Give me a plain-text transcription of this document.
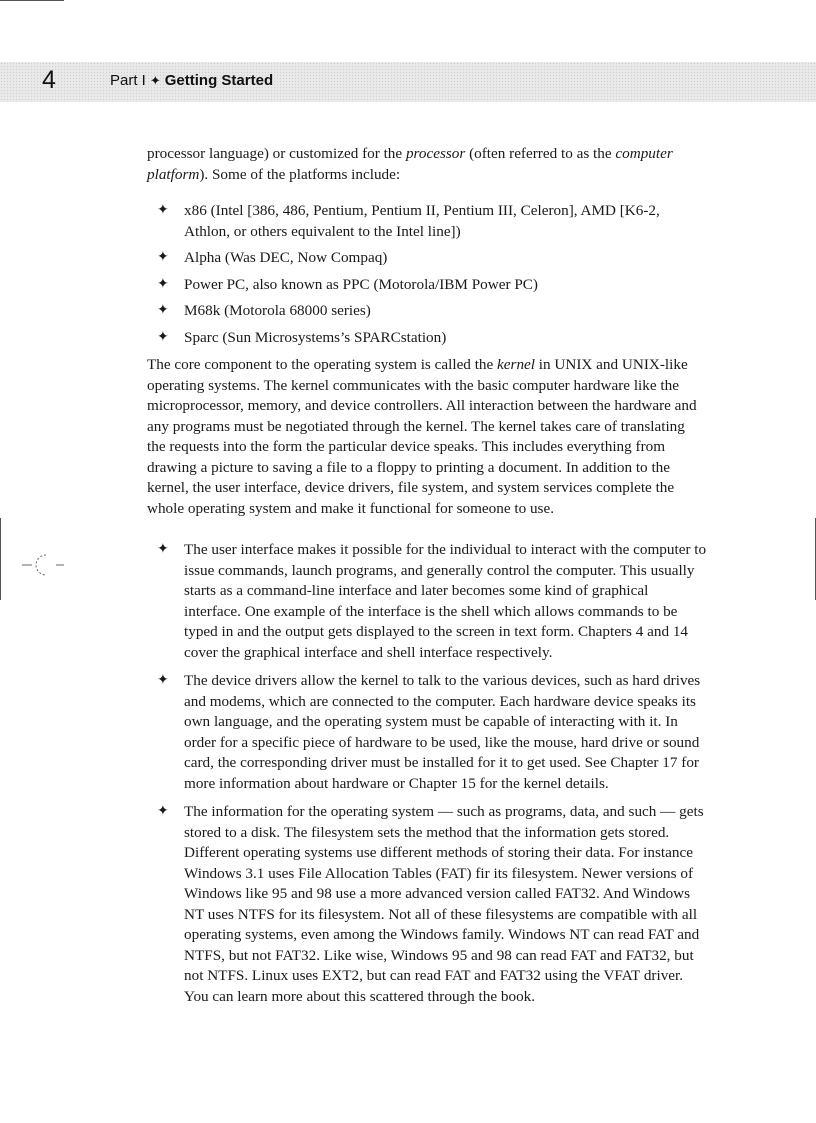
4	Part I ✦ Getting Started

processor language) or customized for the processor (often referred to as the computer platform). Some of the platforms include:

✦ x86 (Intel [386, 486, Pentium, Pentium II, Pentium III, Celeron], AMD [K6-2, Athlon, or others equivalent to the Intel line])
✦ Alpha (Was DEC, Now Compaq)
✦ Power PC, also known as PPC (Motorola/IBM Power PC)
✦ M68k (Motorola 68000 series)
✦ Sparc (Sun Microsystems’s SPARCstation)

The core component to the operating system is called the kernel in UNIX and UNIX-like operating systems. The kernel communicates with the basic computer hardware like the microprocessor, memory, and device controllers. All interaction between the hardware and any programs must be negotiated through the kernel. The kernel takes care of translating the requests into the form the particular device speaks. This includes everything from drawing a picture to saving a file to a floppy to printing a document. In addition to the kernel, the user interface, device drivers, file system, and system services complete the whole operating system and make it functional for someone to use.

✦ The user interface makes it possible for the individual to interact with the computer to issue commands, launch programs, and generally control the computer. This usually starts as a command-line interface and later becomes some kind of graphical interface. One example of the interface is the shell which allows commands to be typed in and the output gets displayed to the screen in text form. Chapters 4 and 14 cover the graphical interface and shell interface respectively.
✦ The device drivers allow the kernel to talk to the various devices, such as hard drives and modems, which are connected to the computer. Each hardware device speaks its own language, and the operating system must be capable of interacting with it. In order for a specific piece of hardware to be used, like the mouse, hard drive or sound card, the corresponding driver must be installed for it to get used. See Chapter 17 for more information about hardware or Chapter 15 for the kernel details.
✦ The information for the operating system — such as programs, data, and such — gets stored to a disk. The filesystem sets the method that the information gets stored. Different operating systems use different methods of storing their data. For instance Windows 3.1 uses File Allocation Tables (FAT) fir its filesystem. Newer versions of Windows like 95 and 98 use a more advanced version called FAT32. And Windows NT uses NTFS for its filesystem. Not all of these filesystems are compatible with all operating systems, even among the Windows family. Windows NT can read FAT and NTFS, but not FAT32. Like wise, Windows 95 and 98 can read FAT and FAT32, but not NTFS. Linux uses EXT2, but can read FAT and FAT32 using the VFAT driver. You can learn more about this scattered through the book.
